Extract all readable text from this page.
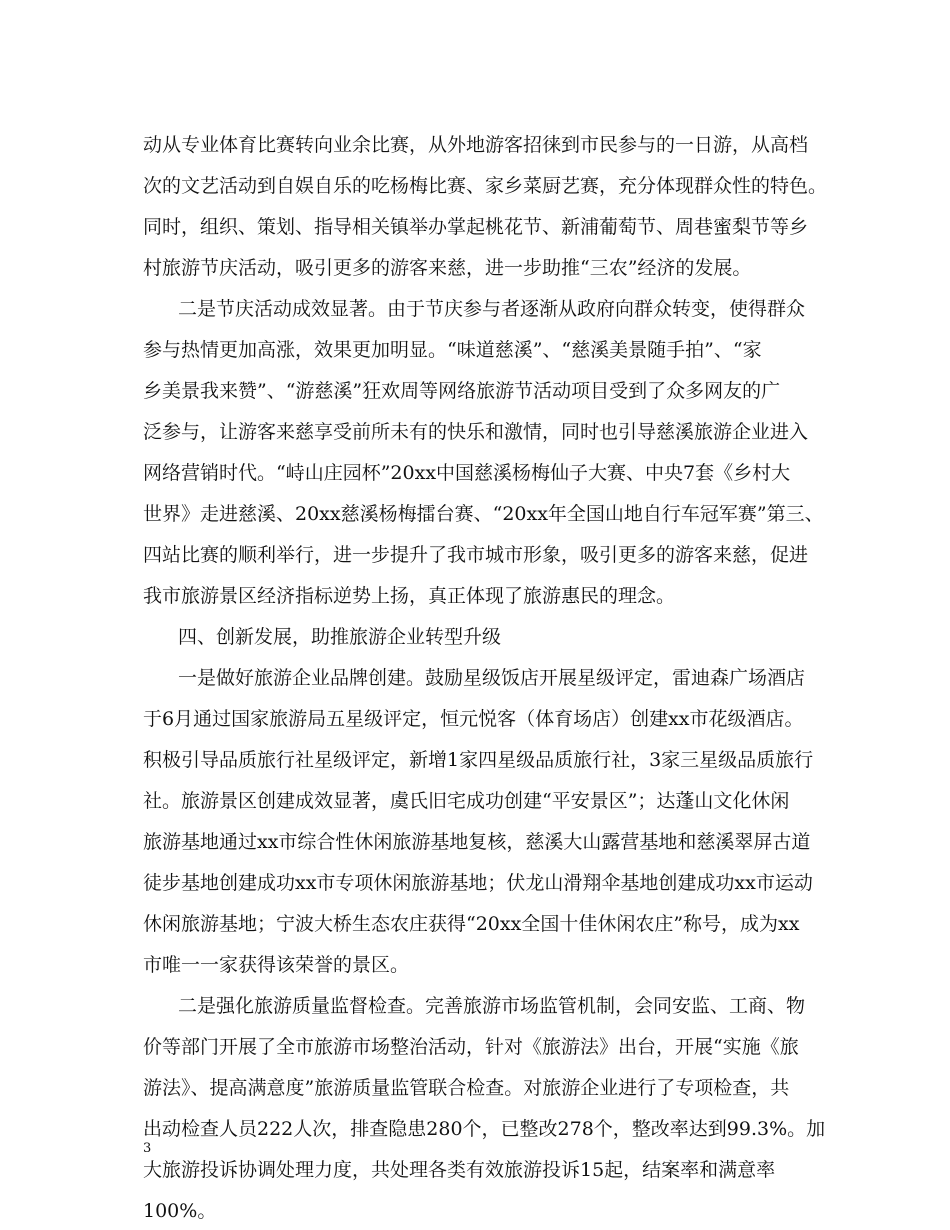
动从专业体育比赛转向业余比赛，从外地游客招徕到市民参与的一日游，从高档
次的文艺活动到自娱自乐的吃杨梅比赛、家乡菜厨艺赛，充分体现群众性的特色。
同时，组织、策划、指导相关镇举办掌起桃花节、新浦葡萄节、周巷蜜梨节等乡
村旅游节庆活动，吸引更多的游客来慈，进一步助推“三农”经济的发展。
二是节庆活动成效显著。由于节庆参与者逐渐从政府向群众转变，使得群众
参与热情更加高涨，效果更加明显。“味道慈溪”、“慈溪美景随手拍”、“家
乡美景我来赞”、“游慈溪”狂欢周等网络旅游节活动项目受到了众多网友的广
泛参与，让游客来慈享受前所未有的快乐和激情，同时也引导慈溪旅游企业进入
网络营销时代。“峙山庄园杯”20xx中国慈溪杨梅仙子大赛、中央7套《乡村大
世界》走进慈溪、20xx慈溪杨梅擂台赛、“20xx年全国山地自行车冠军赛”第三、
四站比赛的顺利举行，进一步提升了我市城市形象，吸引更多的游客来慈，促进
我市旅游景区经济指标逆势上扬，真正体现了旅游惠民的理念。
四、创新发展，助推旅游企业转型升级
一是做好旅游企业品牌创建。鼓励星级饭店开展星级评定，雷迪森广场酒店
于6月通过国家旅游局五星级评定，恒元悦客（体育场店）创建xx市花级酒店。
积极引导品质旅行社星级评定，新增1家四星级品质旅行社，3家三星级品质旅行
社。旅游景区创建成效显著，虞氏旧宅成功创建“平安景区”；达蓬山文化休闲
旅游基地通过xx市综合性休闲旅游基地复核，慈溪大山露营基地和慈溪翠屏古道
徒步基地创建成功xx市专项休闲旅游基地；伏龙山滑翔伞基地创建成功xx市运动
休闲旅游基地；宁波大桥生态农庄获得“20xx全国十佳休闲农庄”称号，成为xx
市唯一一家获得该荣誉的景区。
二是强化旅游质量监督检查。完善旅游市场监管机制，会同安监、工商、物
价等部门开展了全市旅游市场整治活动，针对《旅游法》出台，开展“实施《旅
游法》、提高满意度”旅游质量监管联合检查。对旅游企业进行了专项检查，共
出动检查人员222人次，排查隐患280个，已整改278个，整改率达到99.3%。加
大旅游投诉协调处理力度，共处理各类有效旅游投诉15起，结案率和满意率
100%。
3
